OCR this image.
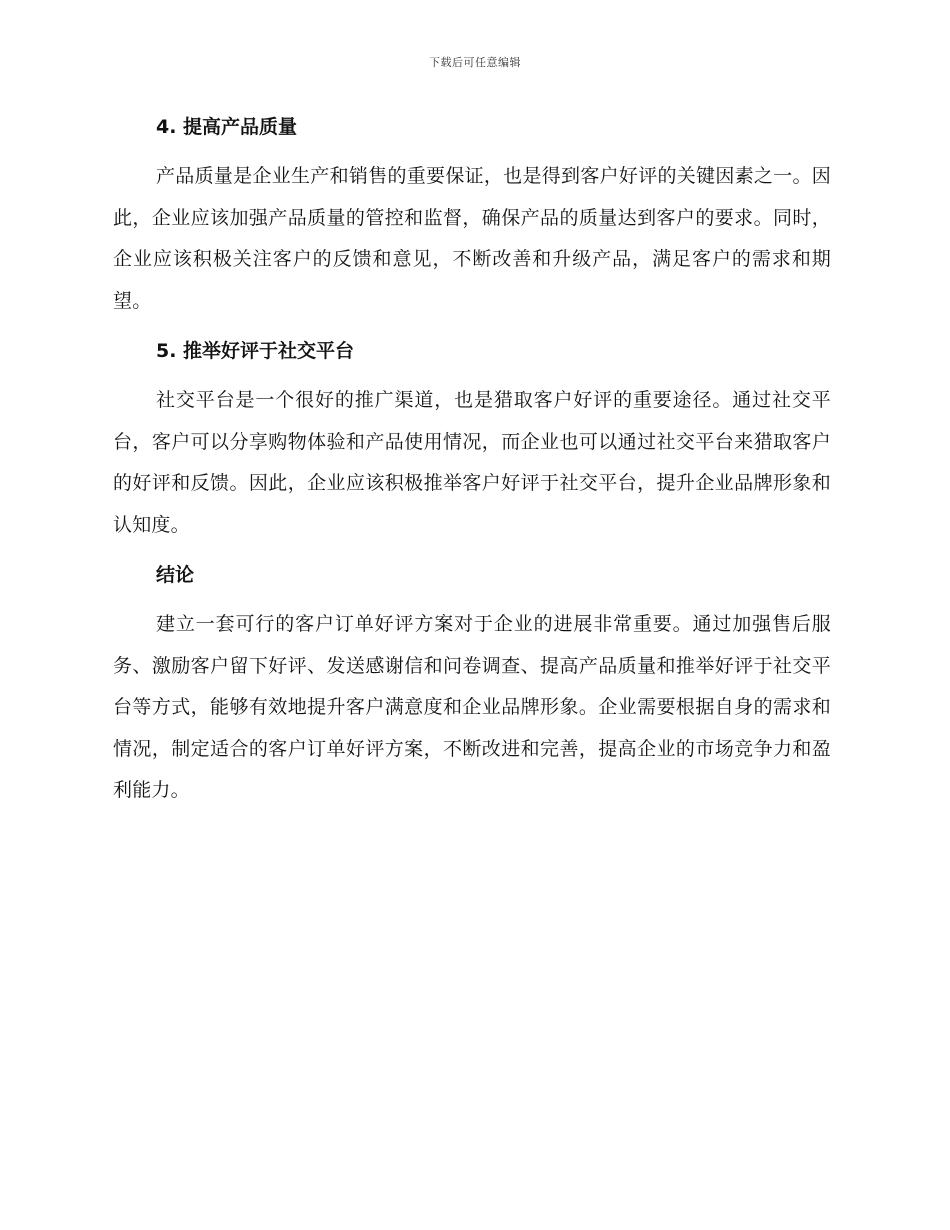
下载后可任意编辑
4. 提高产品质量

产品质量是企业生产和销售的重要保证，也是得到客户好评的关键因素之一。因此，企业应该加强产品质量的管控和监督，确保产品的质量达到客户的要求。同时，企业应该积极关注客户的反馈和意见，不断改善和升级产品，满足客户的需求和期望。

5. 推举好评于社交平台

社交平台是一个很好的推广渠道，也是猎取客户好评的重要途径。通过社交平台，客户可以分享购物体验和产品使用情况，而企业也可以通过社交平台来猎取客户的好评和反馈。因此，企业应该积极推举客户好评于社交平台，提升企业品牌形象和认知度。

结论

建立一套可行的客户订单好评方案对于企业的进展非常重要。通过加强售后服务、激励客户留下好评、发送感谢信和问卷调查、提高产品质量和推举好评于社交平台等方式，能够有效地提升客户满意度和企业品牌形象。企业需要根据自身的需求和情况，制定适合的客户订单好评方案，不断改进和完善，提高企业的市场竞争力和盈利能力。
